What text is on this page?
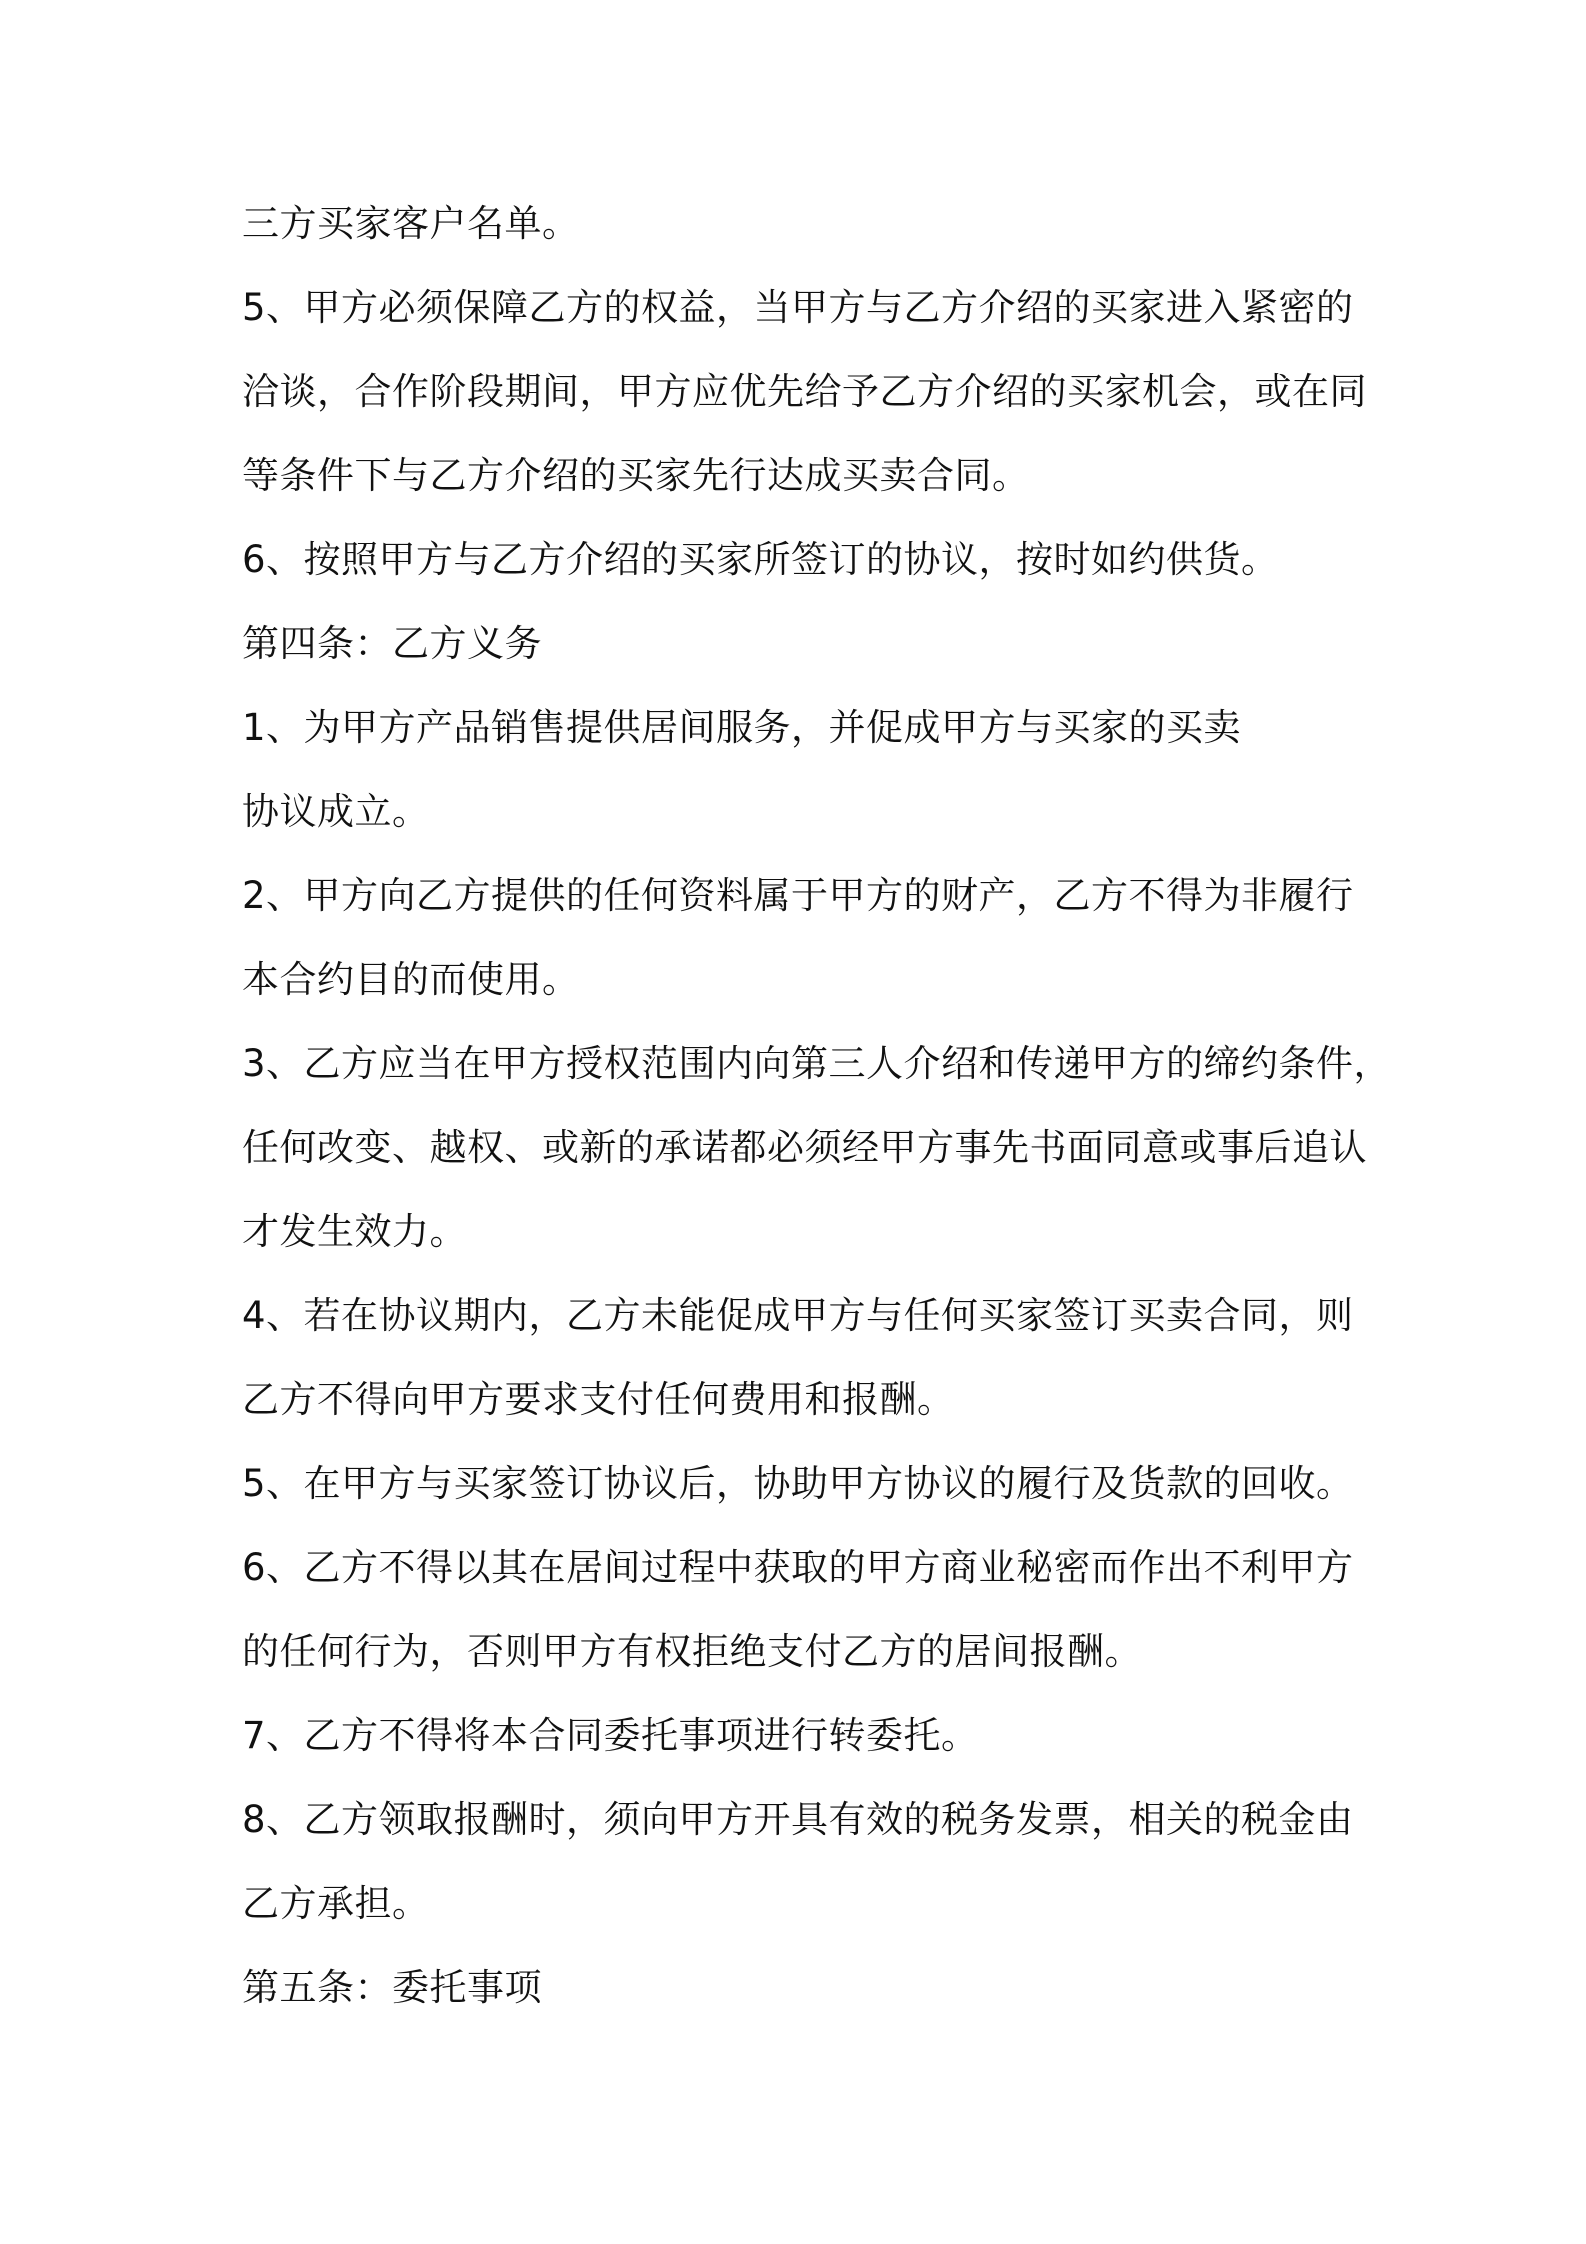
三方买家客户名单。
5、甲方必须保障乙方的权益，当甲方与乙方介绍的买家进入紧密的
洽谈，合作阶段期间，甲方应优先给予乙方介绍的买家机会，或在同
等条件下与乙方介绍的买家先行达成买卖合同。
6、按照甲方与乙方介绍的买家所签订的协议，按时如约供货。
第四条：乙方义务
1、为甲方产品销售提供居间服务，并促成甲方与买家的买卖
协议成立。
2、甲方向乙方提供的任何资料属于甲方的财产，乙方不得为非履行
本合约目的而使用。
3、乙方应当在甲方授权范围内向第三人介绍和传递甲方的缔约条件，
任何改变、越权、或新的承诺都必须经甲方事先书面同意或事后追认
才发生效力。
4、若在协议期内，乙方未能促成甲方与任何买家签订买卖合同，则
乙方不得向甲方要求支付任何费用和报酬。
5、在甲方与买家签订协议后，协助甲方协议的履行及货款的回收。
6、乙方不得以其在居间过程中获取的甲方商业秘密而作出不利甲方
的任何行为，否则甲方有权拒绝支付乙方的居间报酬。
7、乙方不得将本合同委托事项进行转委托。
8、乙方领取报酬时，须向甲方开具有效的税务发票，相关的税金由
乙方承担。
第五条：委托事项
